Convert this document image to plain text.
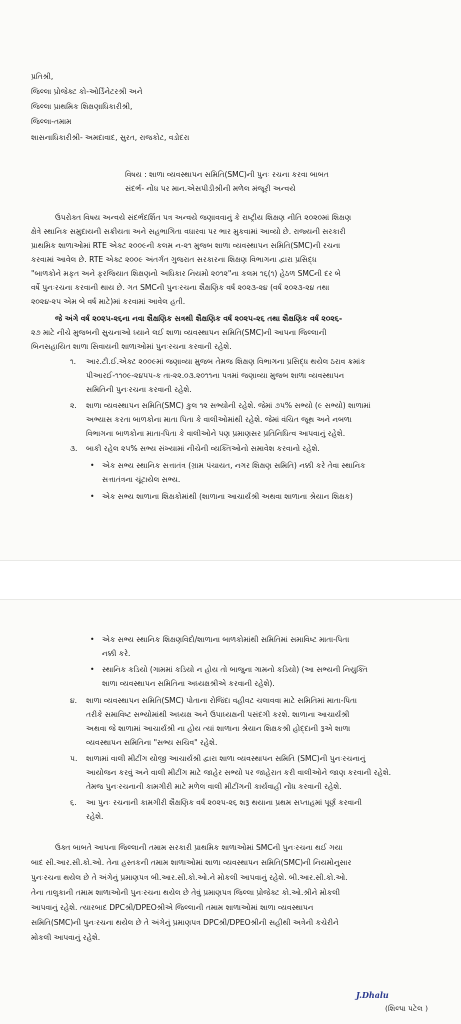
પ્રતિશ્રી,
જિલ્લા પ્રોજેક્ટ કો-ઓર્ડિનેટરશ્રી અને
જિલ્લા પ્રાથમિક શિક્ષણાધિકારીશ્રી,
જિલ્લા-તમામ
શાસનાધિકારીશ્રી- અમદાવાદ, સુરત, રાજકોટ, વડોદરા
વિષય : શાળા વ્યવસ્થાપન સમિતિ(SMC)ની પુનઃ રચના કરવા બાબત
સંદર્ભ- નોંધ પર માન.એસપીડીશ્રીની મળેલ મંજૂરી અન્વયે
ઉપરોક્ત વિષય અન્વયે સંદર્ભદર્શિત પત્ર અન્વયે જણાવવાનું કે રાષ્ટ્રીય શિક્ષણ નીતિ ૨૦૨૦માં શિક્ષણ
ક્ષેત્રે સ્થાનિક સમુદાયની સક્રીયતા અને સહભાગિતા વધારવા પર ભાર મુકવામાં આવ્યો છે. રાજ્યની સરકારી
પ્રાથમિક શાળાઓમાં RTE એક્ટ ૨૦૦૯ની કલમ ન-૨૧ મુજબ શાળા વ્યવસ્થાપન સમિતિ(SMC)ની રચના
કરવામાં આવેલ છે. RTE એક્ટ ૨૦૦૯ અંતર્ગત ગુજરાત સરકારના શિક્ષણ વિભાગના દ્વારા પ્રસિદ્ધ
"બાળકોને મફત અને ફરજિયાત શિક્ષણનો અધિકાર નિયમો ૨૦૧૨"ના કલમ ૧૬(૧) હેઠળ SMCની દર બે
વર્ષે પુનઃરચના કરવાની થાય છે. ગત SMCની પુનઃરચના શૈક્ષણિક વર્ષ ૨૦૨૩-૨૪ (વર્ષ ૨૦૨૩-૨૪ તથા
૨૦૨૪-૨૫ એમ બે વર્ષ માટે)માં કરવામાં આવેલ હતી.
જે અંગે વર્ષ ૨૦૨૫-૨૬ના નવા શૈક્ષણિક સત્રથી શૈક્ષણિક વર્ષ ૨૦૨૫-૨૬ તથા શૈક્ષણિક વર્ષ ૨૦૨૬-
૨૭ માટે નીચે મુજબની સુચનાઓ ધ્યાને લઈ શાળા વ્યવસ્થાપન સમિતિ(SMC)ની આપના જિલ્લાની
બિનસહાયિત શાળા સિવાયની શાળાઓમાં પુનઃરચના કરવાની રહેશે.
૧.	આર.ટી.ઈ.એક્ટ ૨૦૦૯માં જણાવ્યા મુજબ તેમજ શિક્ષણ વિભાગના પ્રસિદ્ધ થયેલ ઠરાવ ક્રમાંક
પીઆરઈ-૧૧૦૯-૨૪૫૫-ક તા-૨૨.૦૩.૨૦૧૧ના પત્રમાં જણાવ્યા મુજબ શાળા વ્યવસ્થાપન
સમિતિની પુનઃરચના કરવાની રહેશે.
૨.	શાળા વ્યવસ્થાપન સમિતિ(SMC) કુલ ૧૨ સભ્યોની રહેશે. જેમાં ૭૫% સભ્યો (૯ સભ્યો) શાળામાં
અભ્યાસ કરતા બાળકોના માતા પિતા કે વાલીઓમાંથી રહેશે. જેમાં વંચિત જૂથ અને નબળા
વિભાગના બાળકોના માતા-પિતા કે વાલીઓને પણ પ્રમાણસર પ્રતિનિધિત્વ આપવાનું રહેશે.
૩.	બાકી રહેલ ૨૫% સભ્ય સંખ્યામાં નીચેની વ્યક્તિઓનો સમાવેશ કરવાનો રહેશે.
• એક સભ્ય સ્થાનિક સત્તાતંત્ર (ગ્રામ પંચાયત, નગર શિક્ષણ સમિતિ) નક્કી કરે તેવા સ્થાનિક
સત્તાતંત્રના ચૂંટાયેલ સભ્ય.
• એક સભ્ય શાળાના શિક્ષકોમાંથી (શાળાના આચાર્યશ્રી અથવા શાળાના શ્રેયાન શિક્ષક)
• એક સભ્ય સ્થાનિક શિક્ષણવિદો/શાળાના બાળકોમાંથી સમિતિમાં સમાવિષ્ટ માતા-પિતા
નક્કી કરે.
• સ્થાનિક કડિયો (ગામમાં કડિયો ન હોય તો બાજુના ગામનો કડિયો) (આ સભ્યની નિયુક્તિ
શાળા વ્યવસ્થાપન સમિતિના અધ્યક્ષશ્રીએ કરવાની રહેશે).
૪.	શાળા વ્યવસ્થાપન સમિતિ(SMC) પોતાના રોજિંદા વહીવટ ચલાવવા માટે સમિતિમાં માતા-પિતા
તરીકે સમાવિષ્ટ સભ્યોમાંથી અધ્યક્ષ અને ઉપાધ્યક્ષની પસંદગી કરશે. શાળાના આચાર્યશ્રી
અથવા જે શાળામાં આચાર્યશ્રી ના હોય ત્યાં શાળાના શ્રેયાન શિક્ષકશ્રી હોદ્દાની રૂએ શાળા
વ્યવસ્થાપન સમિતિના "સભ્ય સચિવ" રહેશે.
૫.	શાળામાં વાલી મીટીંગ યોજી આચાર્યશ્રી દ્વારા શાળા વ્યવસ્થાપન સમિતિ (SMC)ની પુનઃરચનાનું
આયોજન કરવું અને વાલી મીટીંગ માટે જાહેર સભ્યો પર જાહેરાત કરી વાલીઓને જાણ કરવાની રહેશે.
તેમજ પુનઃરચનાની કામગીરી માટે મળેલ વાલી મીટીંગની કાર્યવાહી નોંધ કરવાની રહેશે.
૬.	આ પુનઃ રચનાની કામગીરી શૈક્ષણિક વર્ષ ૨૦૨૫-૨૬ શરૂ થયાના પ્રથમ સપ્તાહમાં પૂર્ણ કરવાની
રહેશે.
ઉક્ત બાબતે આપના જિલ્લાની તમામ સરકારી પ્રાથમિક શાળાઓમાં SMCની પુનઃરચના થઈ ગયા
બાદ સી.આર.સી.કો.ઓ. તેના હસ્તકની તમામ શાળાઓમાં શાળા વ્યવસ્થાપન સમિતિ(SMC)ની નિયમોનુસાર
પુનઃરચના થયેલ છે તે અંગેનું પ્રમાણપત્ર બી.આર.સી.કો.ઓ.ને મોકલી આપવાનું રહેશે. બી.આર.સી.કો.ઓ.
તેના તાલુકાની તમામ શાળાઓની પુનઃરચના થયેલ છે તેવું પ્રમાણપત્ર જિલ્લા પ્રોજેક્ટ કો.ઓ.શ્રીને મોકલી
આપવાનું રહેશે. ત્યારબાદ DPCશ્રી/DPEOશ્રીએ જિલ્લાની તમામ શાળાઓમાં શાળા વ્યવસ્થાપન
સમિતિ(SMC)ની પુનઃરચના થયેલ છે તે અંગેનું પ્રમાણપત્ર DPCશ્રી/DPEOશ્રીની સહીથી અત્રેની કચેરીને
મોકલી આપવાનું રહેશે.
J.Dhalu
(શિલ્પા પટેલ )
